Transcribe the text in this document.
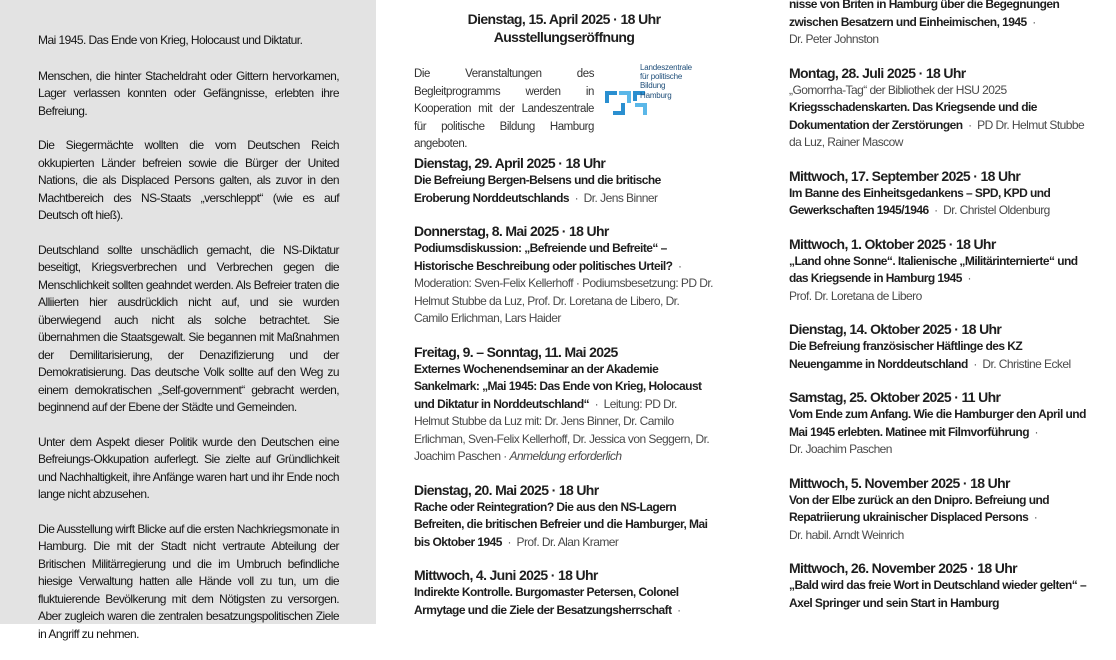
Mai 1945. Das Ende von Krieg, Holocaust und Diktatur.

Menschen, die hinter Stacheldraht oder Gittern hervorkamen, Lager verlassen konnten oder Gefängnisse, erlebten ihre Befreiung.

Die Siegermächte wollten die vom Deutschen Reich okkupierten Länder befreien sowie die Bürger der United Nations, die als Displaced Persons galten, als zuvor in den Machtbereich des NS-Staats „verschleppt“ (wie es auf Deutsch oft hieß).

Deutschland sollte unschädlich gemacht, die NS-Diktatur beseitigt, Kriegsverbrechen und Verbrechen gegen die Menschlichkeit sollten geahndet werden. Als Befreier traten die Alliierten hier ausdrücklich nicht auf, und sie wurden überwiegend auch nicht als solche betrachtet. Sie übernahmen die Staatsgewalt. Sie begannen mit Maßnahmen der Demilitarisierung, der Denazifizierung und der Demokratisierung. Das deutsche Volk sollte auf den Weg zu einem demokratischen „Self-government“ gebracht werden, beginnend auf der Ebene der Städte und Gemeinden.

Unter dem Aspekt dieser Politik wurde den Deutschen eine Befreiungs-Okkupation auferlegt. Sie zielte auf Gründlichkeit und Nachhaltigkeit, ihre Anfänge waren hart und ihr Ende noch lange nicht abzusehen.

Die Ausstellung wirft Blicke auf die ersten Nachkriegsmonate in Hamburg. Die mit der Stadt nicht vertraute Abteilung der Britischen Militärregierung und die im Umbruch befindliche hiesige Verwaltung hatten alle Hände voll zu tun, um die fluktuierende Bevölkerung mit dem Nötigsten zu versorgen. Aber zugleich waren die zentralen besatzungspolitischen Ziele in Angriff zu nehmen.

Dienstag, 15. April 2025 · 18 Uhr
Ausstellungseröffnung
Die Veranstaltungen des Begleitprogramms werden in Kooperation mit der Landeszentrale für politische Bildung Hamburg angeboten.
Landeszentrale
für politische Bildung
Hamburg
Dienstag, 29. April 2025 · 18 Uhr
Die Befreiung Bergen-Belsens und die britische Eroberung Norddeutschlands  ·  Dr. Jens Binner
Donnerstag, 8. Mai 2025 · 18 Uhr
Podiumsdiskussion: „Befreiende und Befreite“ – Historische Beschreibung oder politisches Urteil?  ·  Moderation: Sven-Felix Kellerhoff · Podiumsbesetzung: PD Dr. Helmut Stubbe da Luz, Prof. Dr. Loretana de Libero, Dr. Camilo Erlichman, Lars Haider
Freitag, 9. – Sonntag, 11. Mai 2025
Externes Wochenendseminar an der Akademie Sankelmark: „Mai 1945: Das Ende von Krieg, Holocaust und Diktatur in Norddeutschland“  ·  Leitung: PD Dr. Helmut Stubbe da Luz mit: Dr. Jens Binner, Dr. Camilo Erlichman, Sven-Felix Kellerhoff, Dr. Jessica von Seggern, Dr. Joachim Paschen · Anmeldung erforderlich
Dienstag, 20. Mai 2025 · 18 Uhr
Rache oder Reintegration? Die aus den NS-Lagern Befreiten, die britischen Befreier und die Hamburger, Mai bis Oktober 1945  ·  Prof. Dr. Alan Kramer
Mittwoch, 4. Juni 2025 · 18 Uhr
Indirekte Kontrolle. Burgomaster Petersen, Colonel Armytage und die Ziele der Besatzungsherrschaft  ·
nisse von Briten in Hamburg über die Begegnungen zwischen Besatzern und Einheimischen, 1945  ·
Dr. Peter Johnston
Montag, 28. Juli 2025 · 18 Uhr
„Gomorrha-Tag“ der Bibliothek der HSU 2025
Kriegsschadenskarten. Das Kriegsende und die Dokumentation der Zerstörungen  ·  PD Dr. Helmut Stubbe da Luz, Rainer Mascow
Mittwoch, 17. September 2025 · 18 Uhr
Im Banne des Einheitsgedankens – SPD, KPD und Gewerkschaften 1945/1946  ·  Dr. Christel Oldenburg
Mittwoch, 1. Oktober 2025 · 18 Uhr
„Land ohne Sonne“. Italienische „Militärinternierte“ und das Kriegsende in Hamburg 1945  ·
Prof. Dr. Loretana de Libero
Dienstag, 14. Oktober 2025 · 18 Uhr
Die Befreiung französischer Häftlinge des KZ Neuengamme in Norddeutschland  ·  Dr. Christine Eckel
Samstag, 25. Oktober 2025 · 11 Uhr
Vom Ende zum Anfang. Wie die Hamburger den April und Mai 1945 erlebten. Matinee mit Filmvorführung  ·
Dr. Joachim Paschen
Mittwoch, 5. November 2025 · 18 Uhr
Von der Elbe zurück an den Dnipro. Befreiung und Repatriierung ukrainischer Displaced Persons  ·
Dr. habil. Arndt Weinrich
Mittwoch, 26. November 2025 · 18 Uhr
„Bald wird das freie Wort in Deutschland wieder gelten“ – Axel Springer und sein Start in Hamburg
